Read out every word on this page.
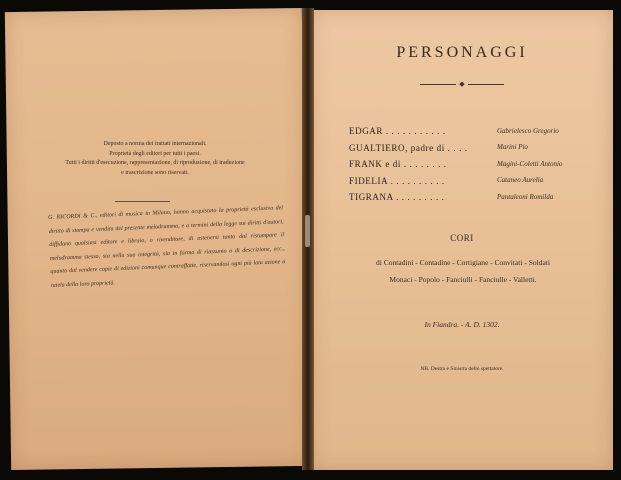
Deposto a norma dei trattati internazionali.
Proprietà degli editori per tutti i paesi.
Tutti i diritti d'esecuzione, rappresentazione, di riproduzione, di traduzione
e trascrizione sono riservati.
G. RICORDI & C., editori di musica in Milano, hanno acquistato la proprietà esclusiva del diritto di stampa e vendita del presente melodramma, e a termini della legge sui diritti d'autori, diffidano qualsiasi editore e libraio, o rivenditore, di astenersi tanto dal ristampare il melodramma stesso, sia nella sua integrità, sia in forma di riassunto o di descrizione, ecc., quanto dal vendere copie di edizioni comunque contraffatte, riservandosi ogni più lata azione a tutela della loro proprietà.
PERSONAGGI
◆
EDGAR . . . . . . . . . . .	Gabrielesco Gregorio
GUALTIERO, padre di . . . .	Marini Pio
FRANK e di . . . . . . . .	Magini-Coletti Antonio
FIDELIA . . . . . . . . . .	Cataneo Aurelia
TIGRANA . . . . . . . . .	Pantaleoni Romilda
CORI
di Contadini - Contadine - Cortigiane - Convitati - Soldati
Monaci - Popolo - Fanciulli - Fanciulle - Valletti.
In Fiandra. - A. D. 1302.
NB. Destra e Sinistra dello spettatore.
